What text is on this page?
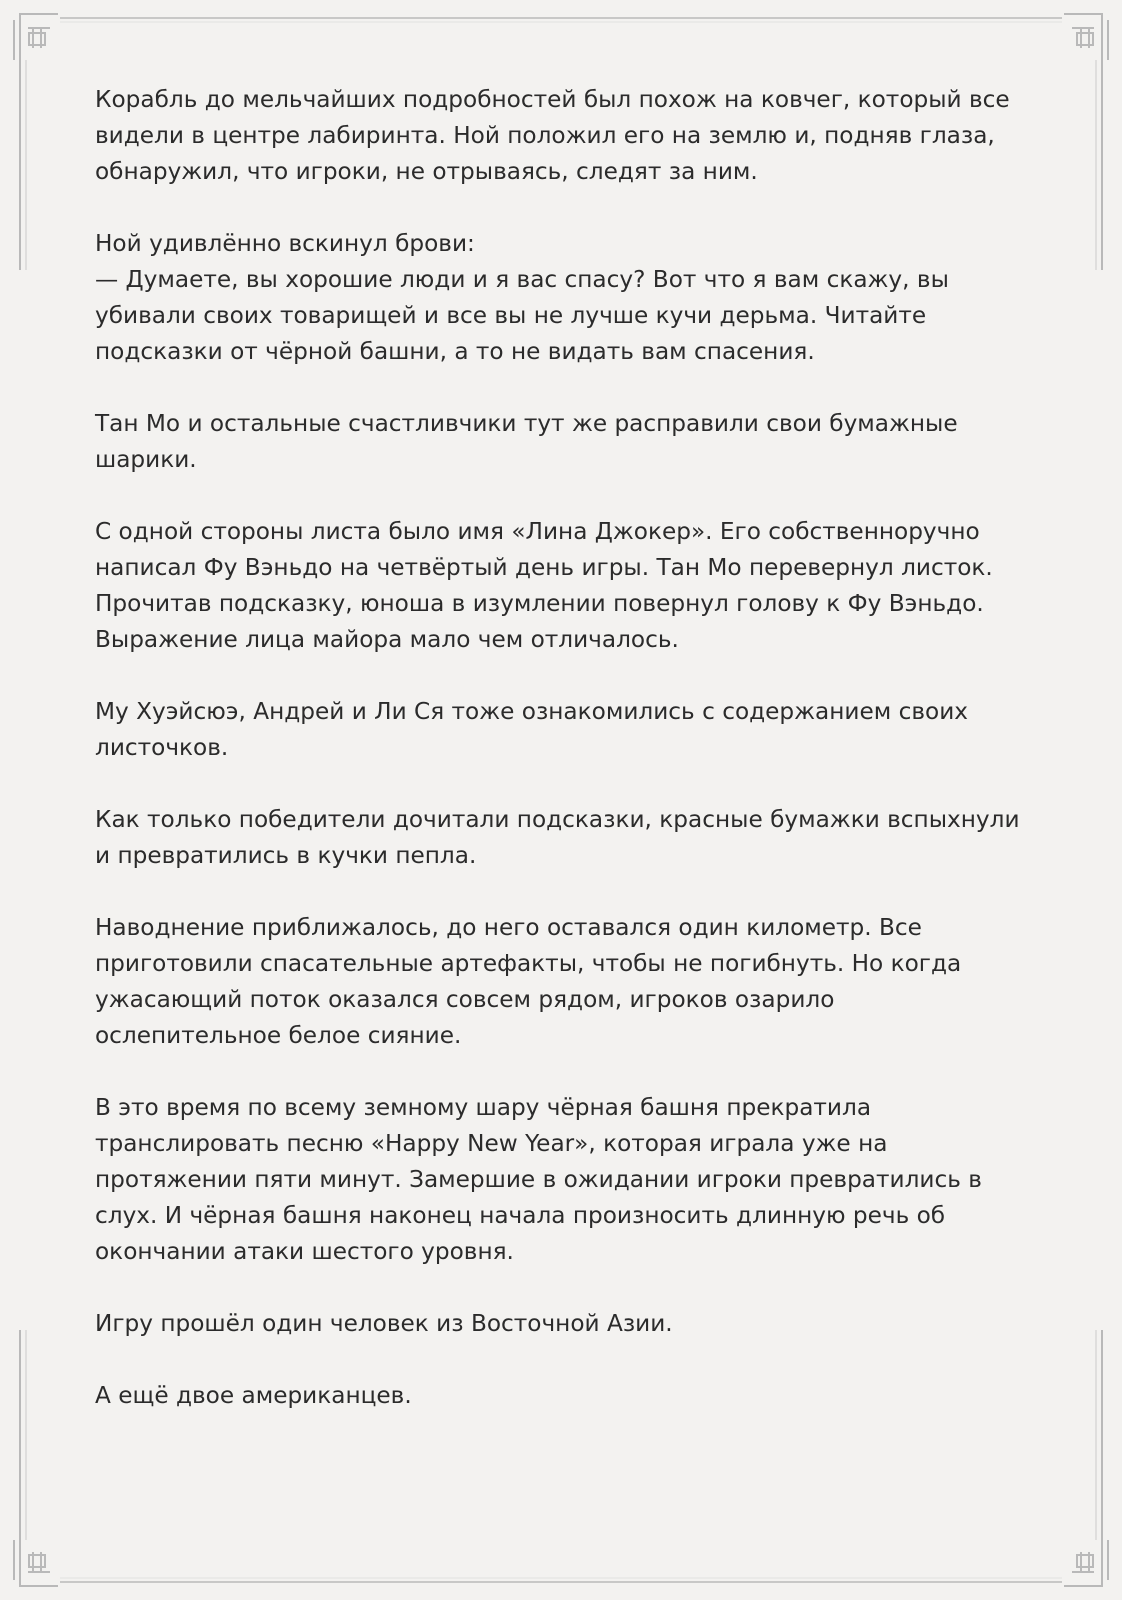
Корабль до мельчайших подробностей был похож на ковчег, который все
видели в центре лабиринта. Ной положил его на землю и, подняв глаза,
обнаружил, что игроки, не отрываясь, следят за ним.

Ной удивлённо вскинул брови:
— Думаете, вы хорошие люди и я вас спасу? Вот что я вам скажу, вы
убивали своих товарищей и все вы не лучше кучи дерьма. Читайте
подсказки от чёрной башни, а то не видать вам спасения.

Тан Мо и остальные счастливчики тут же расправили свои бумажные
шарики.

С одной стороны листа было имя «Лина Джокер». Его собственноручно
написал Фу Вэньдо на четвёртый день игры. Тан Мо перевернул листок.
Прочитав подсказку, юноша в изумлении повернул голову к Фу Вэньдо.
Выражение лица майора мало чем отличалось.

Му Хуэйсюэ, Андрей и Ли Ся тоже ознакомились с содержанием своих
листочков.

Как только победители дочитали подсказки, красные бумажки вспыхнули
и превратились в кучки пепла.

Наводнение приближалось, до него оставался один километр. Все
приготовили спасательные артефакты, чтобы не погибнуть. Но когда
ужасающий поток оказался совсем рядом, игроков озарило
ослепительное белое сияние.

В это время по всему земному шару чёрная башня прекратила
транслировать песню «Happy New Year», которая играла уже на
протяжении пяти минут. Замершие в ожидании игроки превратились в
слух. И чёрная башня наконец начала произносить длинную речь об
окончании атаки шестого уровня.

Игру прошёл один человек из Восточной Азии.

А ещё двое американцев.
